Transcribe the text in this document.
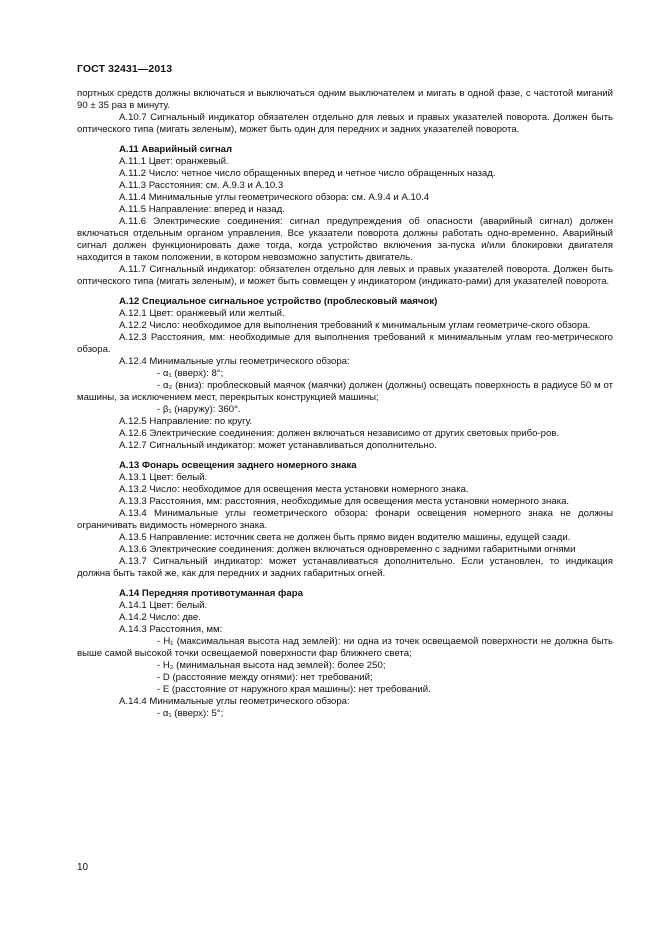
ГОСТ 32431—2013

портных средств должны включаться и выключаться одним выключателем и мигать в одной фазе, с частотой миганий 90 ± 35 раз в минуту.

А.10.7 Сигнальный индикатор обязателен отдельно для левых и правых указателей поворота. Должен быть оптического типа (мигать зеленым), может быть один для передних и задних указателей поворота.

А.11 Аварийный сигнал

А.11.1 Цвет: оранжевый.

А.11.2 Число: четное число обращенных вперед и четное число обращенных назад.

А.11.3 Расстояния: см. А.9.3 и А.10.3

А.11.4 Минимальные углы геометрического обзора: см. А.9.4 и А.10.4

А.11.5 Направление: вперед и назад.

А.11.6 Электрические соединения: сигнал предупреждения об опасности (аварийный сигнал) должен включаться отдельным органом управления. Все указатели поворота должны работать одно-временно. Аварийный сигнал должен функционировать даже тогда, когда устройство включения за-пуска и/или блокировки двигателя находится в таком положении, в котором невозможно запустить двигатель.

А.11.7 Сигнальный индикатор: обязателен отдельно для левых и правых указателей поворота. Должен быть оптического типа (мигать зеленым), и может быть совмещен у индикатором (индикато-рами) для указателей поворота.

А.12 Специальное сигнальное устройство (проблесковый маячок)

А.12.1 Цвет: оранжевый или желтый.

А.12.2 Число: необходимое для выполнения требований к минимальным углам геометриче-ского обзора.

А.12.3 Расстояния, мм: необходимые для выполнения требований к минимальным углам гео-метрического обзора.

А.12.4 Минимальные углы геометрического обзора:

- α₁ (вверх): 8°;

- α₂ (вниз): проблесковый маячок (маячки) должен (должны) освещать поверхность в радиусе 50 м от машины, за исключением мест, перекрытых конструкцией машины;

- β₁ (наружу): 360°.

А.12.5 Направление: по кругу.

А.12.6 Электрические соединения: должен включаться независимо от других световых прибо-ров.

А.12.7 Сигнальный индикатор: может устанавливаться дополнительно.

А.13 Фонарь освещения заднего номерного знака

А.13.1 Цвет: белый.

А.13.2 Число: необходимое для освещения места установки номерного знака.

А.13.3 Расстояния, мм: расстояния, необходимые для освещения места установки номерного знака.

А.13.4 Минимальные углы геометрического обзора: фонари освещения номерного знака не должны ограничивать видимость номерного знака.

А.13.5 Направление: источник света не должен быть прямо виден водителю машины, едущей сзади.

А.13.6 Электрические соединения: должен включаться одновременно с задними габаритными огнями

А.13.7 Сигнальный индикатор: может устанавливаться дополнительно. Если установлен, то индикация должна быть такой же, как для передних и задних габаритных огней.

А.14 Передняя противотуманная фара

А.14.1 Цвет: белый.

А.14.2 Число: две.

А.14.3 Расстояния, мм:

- H₁ (максимальная высота над землей): ни одна из точек освещаемой поверхности не должна быть выше самой высокой точки освещаемой поверхности фар ближнего света;

- H₂ (минимальная высота над землей): более 250;

- D (расстояние между огнями): нет требований;

- E (расстояние от наружного края машины): нет требований.

А.14.4 Минимальные углы геометрического обзора:

- α₁ (вверх): 5°;

10
